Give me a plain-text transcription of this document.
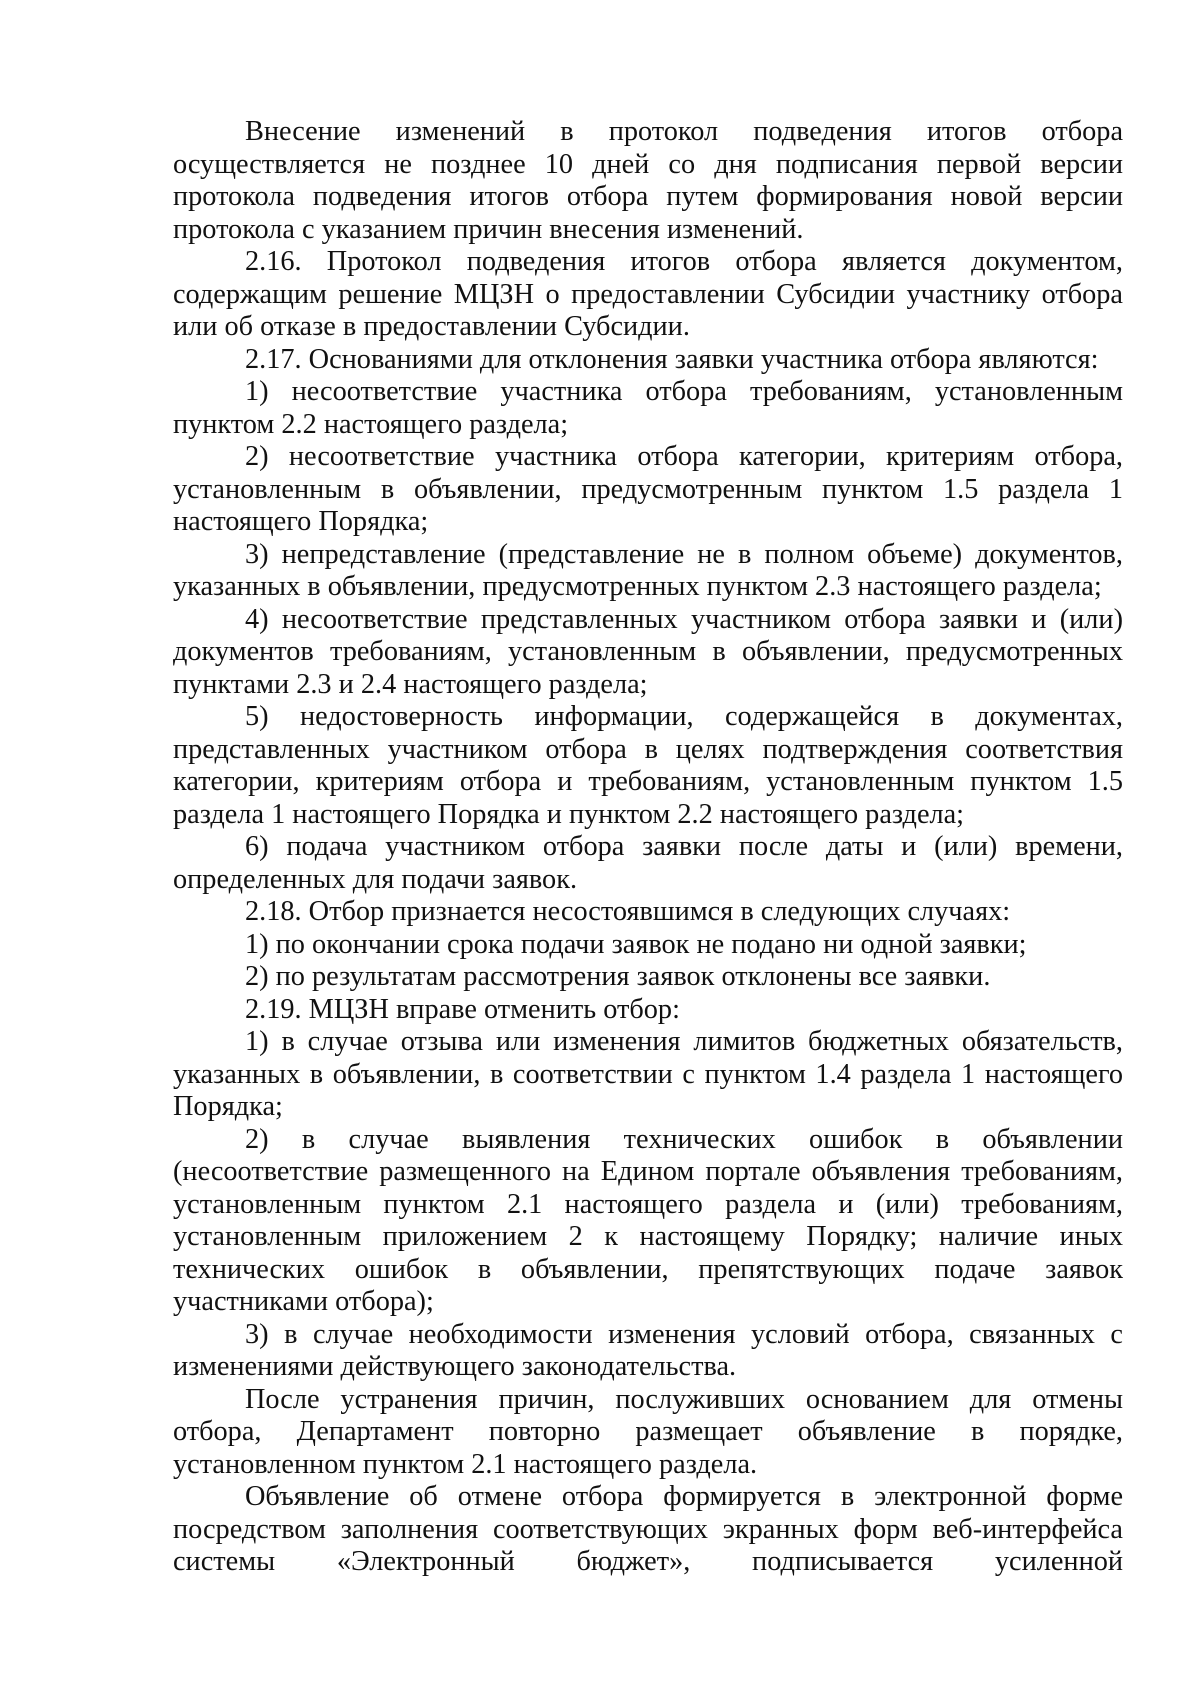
Внесение изменений в протокол подведения итогов отбора осуществляется не позднее 10 дней со дня подписания первой версии протокола подведения итогов отбора путем формирования новой версии протокола с указанием причин внесения изменений.

2.16. Протокол подведения итогов отбора является документом, содержащим решение МЦЗН о предоставлении Субсидии участнику отбора или об отказе в предоставлении Субсидии.

2.17. Основаниями для отклонения заявки участника отбора являются:

1) несоответствие участника отбора требованиям, установленным пунктом 2.2 настоящего раздела;

2) несоответствие участника отбора категории, критериям отбора, установленным в объявлении, предусмотренным пунктом 1.5 раздела 1 настоящего Порядка;

3) непредставление (представление не в полном объеме) документов, указанных в объявлении, предусмотренных пунктом 2.3 настоящего раздела;

4) несоответствие представленных участником отбора заявки и (или) документов требованиям, установленным в объявлении, предусмотренных пунктами 2.3 и 2.4 настоящего раздела;

5) недостоверность информации, содержащейся в документах, представленных участником отбора в целях подтверждения соответствия категории, критериям отбора и требованиям, установленным пунктом 1.5 раздела 1 настоящего Порядка и пунктом 2.2 настоящего раздела;

6) подача участником отбора заявки после даты и (или) времени, определенных для подачи заявок.

2.18. Отбор признается несостоявшимся в следующих случаях:

1) по окончании срока подачи заявок не подано ни одной заявки;

2) по результатам рассмотрения заявок отклонены все заявки.

2.19. МЦЗН вправе отменить отбор:

1) в случае отзыва или изменения лимитов бюджетных обязательств, указанных в объявлении, в соответствии с пунктом 1.4 раздела 1 настоящего Порядка;

2) в случае выявления технических ошибок в объявлении (несоответствие размещенного на Едином портале объявления требованиям, установленным пунктом 2.1 настоящего раздела и (или) требованиям, установленным приложением 2 к настоящему Порядку; наличие иных технических ошибок в объявлении, препятствующих подаче заявок участниками отбора);

3) в случае необходимости изменения условий отбора, связанных с изменениями действующего законодательства.

После устранения причин, послуживших основанием для отмены отбора, Департамент повторно размещает объявление в порядке, установленном пунктом 2.1 настоящего раздела.

Объявление об отмене отбора формируется в электронной форме посредством заполнения соответствующих экранных форм веб-интерфейса системы «Электронный бюджет», подписывается усиленной
